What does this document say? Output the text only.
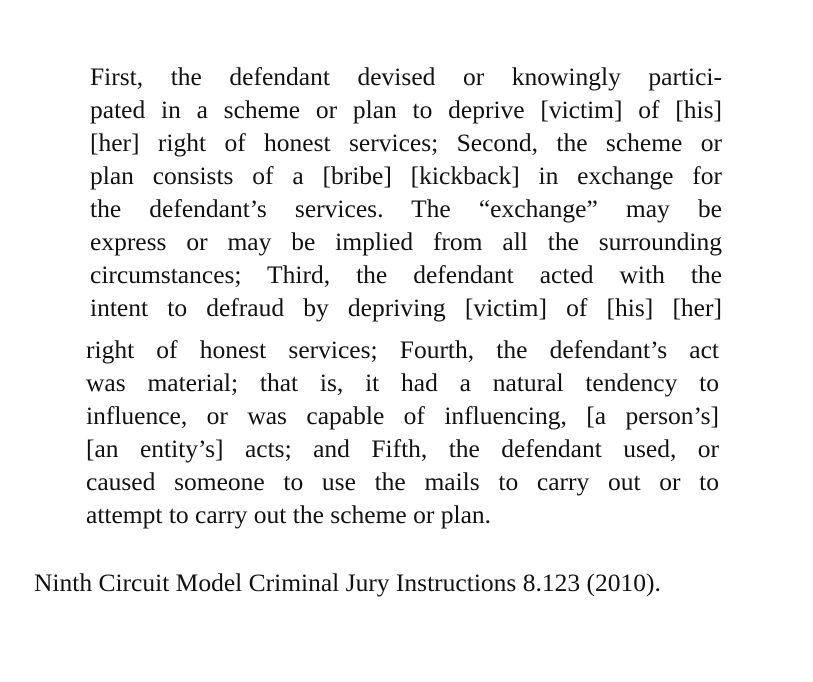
First, the defendant devised or knowingly partici-
pated in a scheme or plan to deprive [victim] of [his]
[her] right of honest services; Second, the scheme or
plan consists of a [bribe] [kickback] in exchange for
the defendant’s services. The “exchange” may be
express or may be implied from all the surrounding
circumstances; Third, the defendant acted with the
intent to defraud by depriving [victim] of [his] [her]
right of honest services; Fourth, the defendant’s act
was material; that is, it had a natural tendency to
influence, or was capable of influencing, [a person’s]
[an entity’s] acts; and Fifth, the defendant used, or
caused someone to use the mails to carry out or to
attempt to carry out the scheme or plan.
Ninth Circuit Model Criminal Jury Instructions 8.123 (2010).
